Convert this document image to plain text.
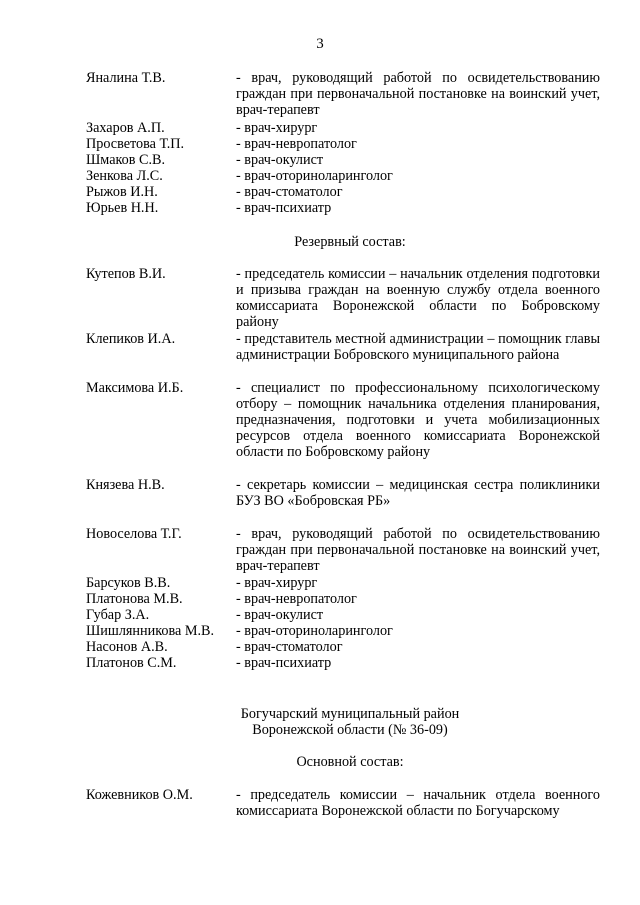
3
Яналина Т.В.	- врач, руководящий работой по освидетельствованию граждан при первоначальной постановке на воинский учет, врач-терапевт
Захаров А.П.	- врач-хирург
Просветова Т.П.	- врач-невропатолог
Шмаков С.В.	- врач-окулист
Зенкова Л.С.	- врач-оториноларинголог
Рыжов И.Н.	- врач-стоматолог
Юрьев Н.Н.	- врач-психиатр
Резервный состав:
Кутепов В.И.	- председатель комиссии – начальник отделения подготовки и призыва граждан на военную службу отдела военного комиссариата Воронежской области по Бобровскому району
Клепиков И.А.	- представитель местной администрации – помощник главы администрации Бобровского муниципального района
Максимова И.Б.	- специалист по профессиональному психологическому отбору – помощник начальника отделения планирования, предназначения, подготовки и учета мобилизационных ресурсов отдела военного комиссариата Воронежской области по Бобровскому району
Князева Н.В.	- секретарь комиссии – медицинская сестра поликлиники БУЗ ВО «Бобровская РБ»
Новоселова Т.Г.	- врач, руководящий работой по освидетельствованию граждан при первоначальной постановке на воинский учет, врач-терапевт
Барсуков В.В.	- врач-хирург
Платонова М.В.	- врач-невропатолог
Губар З.А.	- врач-окулист
Шишлянникова М.В.	- врач-оториноларинголог
Насонов А.В.	- врач-стоматолог
Платонов С.М.	- врач-психиатр
Богучарский муниципальный район
Воронежской области (№ 36-09)
Основной состав:
Кожевников О.М.	- председатель комиссии – начальник отдела военного комиссариата Воронежской области по Богучарскому
